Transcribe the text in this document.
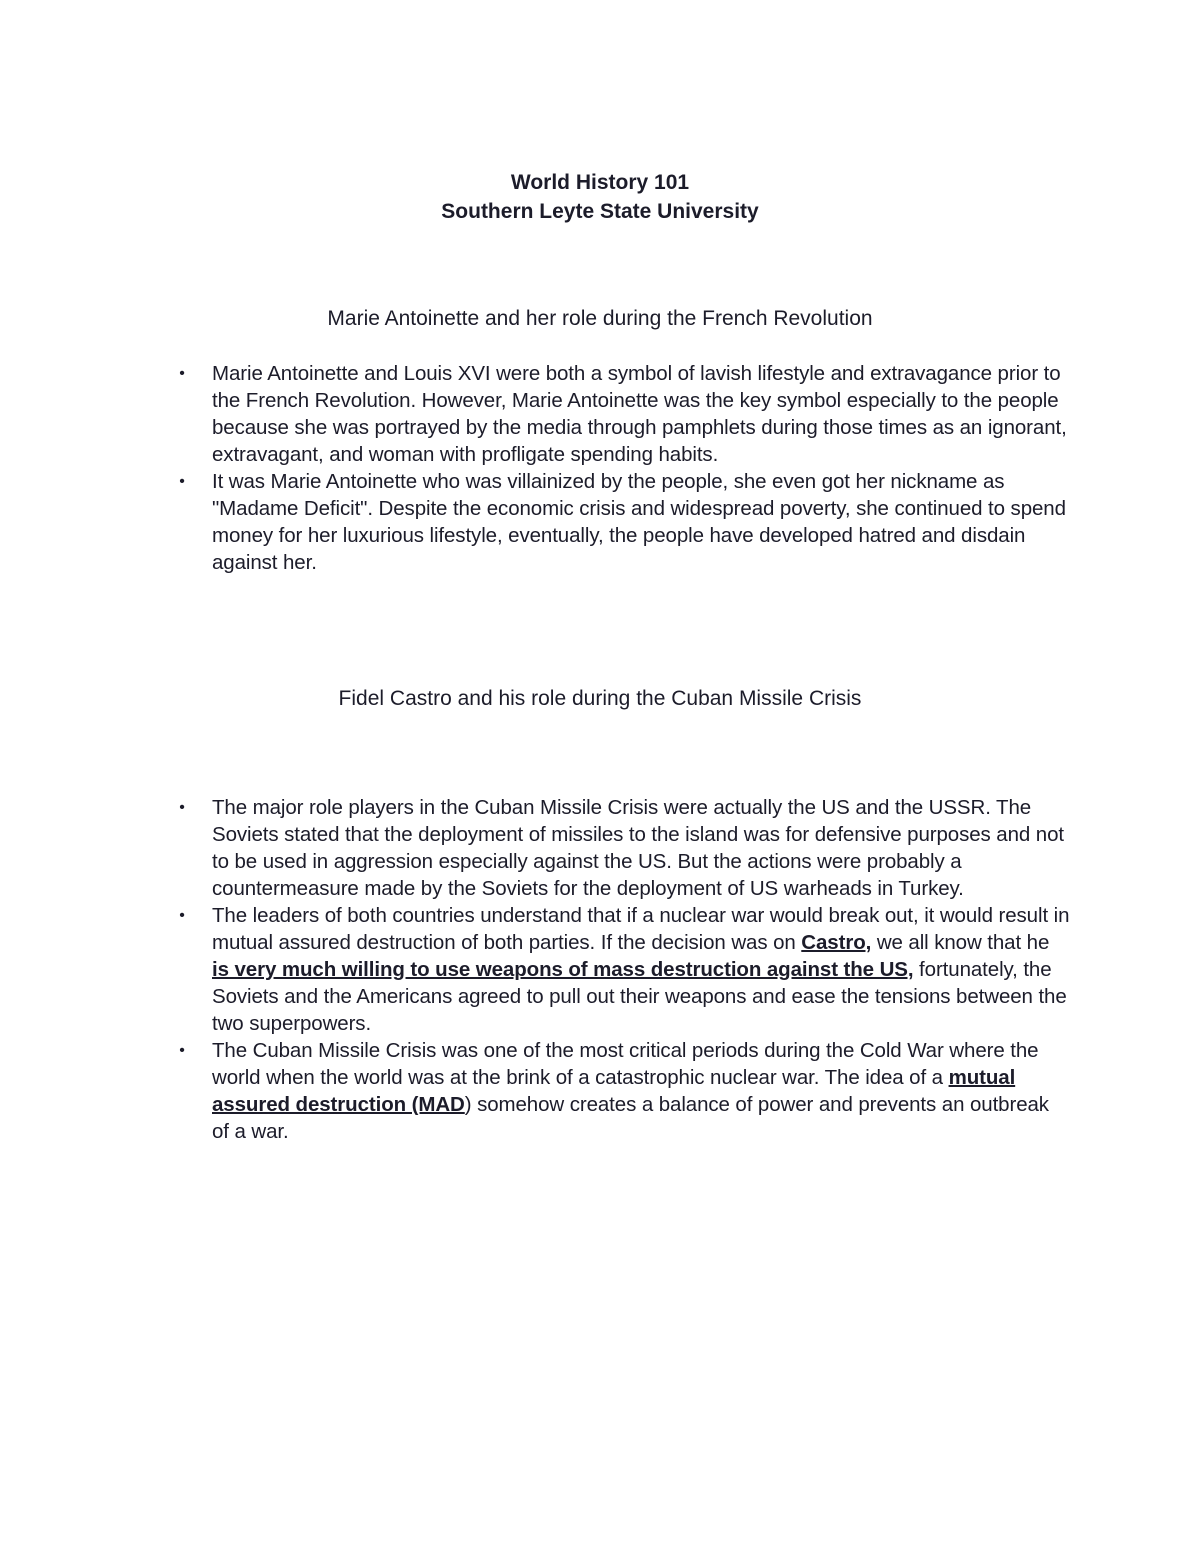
World History 101
Southern Leyte State University
Marie Antoinette and her role during the French Revolution
•	Marie Antoinette and Louis XVI were both a symbol of lavish lifestyle and extravagance prior to the French Revolution. However, Marie Antoinette was the key symbol especially to the people because she was portrayed by the media through pamphlets during those times as an ignorant, extravagant, and woman with profligate spending habits.
•	It was Marie Antoinette who was villainized by the people, she even got her nickname as "Madame Deficit". Despite the economic crisis and widespread poverty, she continued to spend money for her luxurious lifestyle, eventually, the people have developed hatred and disdain against her.
Fidel Castro and his role during the Cuban Missile Crisis
•	The major role players in the Cuban Missile Crisis were actually the US and the USSR. The Soviets stated that the deployment of missiles to the island was for defensive purposes and not to be used in aggression especially against the US. But the actions were probably a countermeasure made by the Soviets for the deployment of US warheads in Turkey.
•	The leaders of both countries understand that if a nuclear war would break out, it would result in mutual assured destruction of both parties. If the decision was on Castro, we all know that he is very much willing to use weapons of mass destruction against the US, fortunately, the Soviets and the Americans agreed to pull out their weapons and ease the tensions between the two superpowers.
•	The Cuban Missile Crisis was one of the most critical periods during the Cold War where the world when the world was at the brink of a catastrophic nuclear war. The idea of a mutual assured destruction (MAD) somehow creates a balance of power and prevents an outbreak of a war.
